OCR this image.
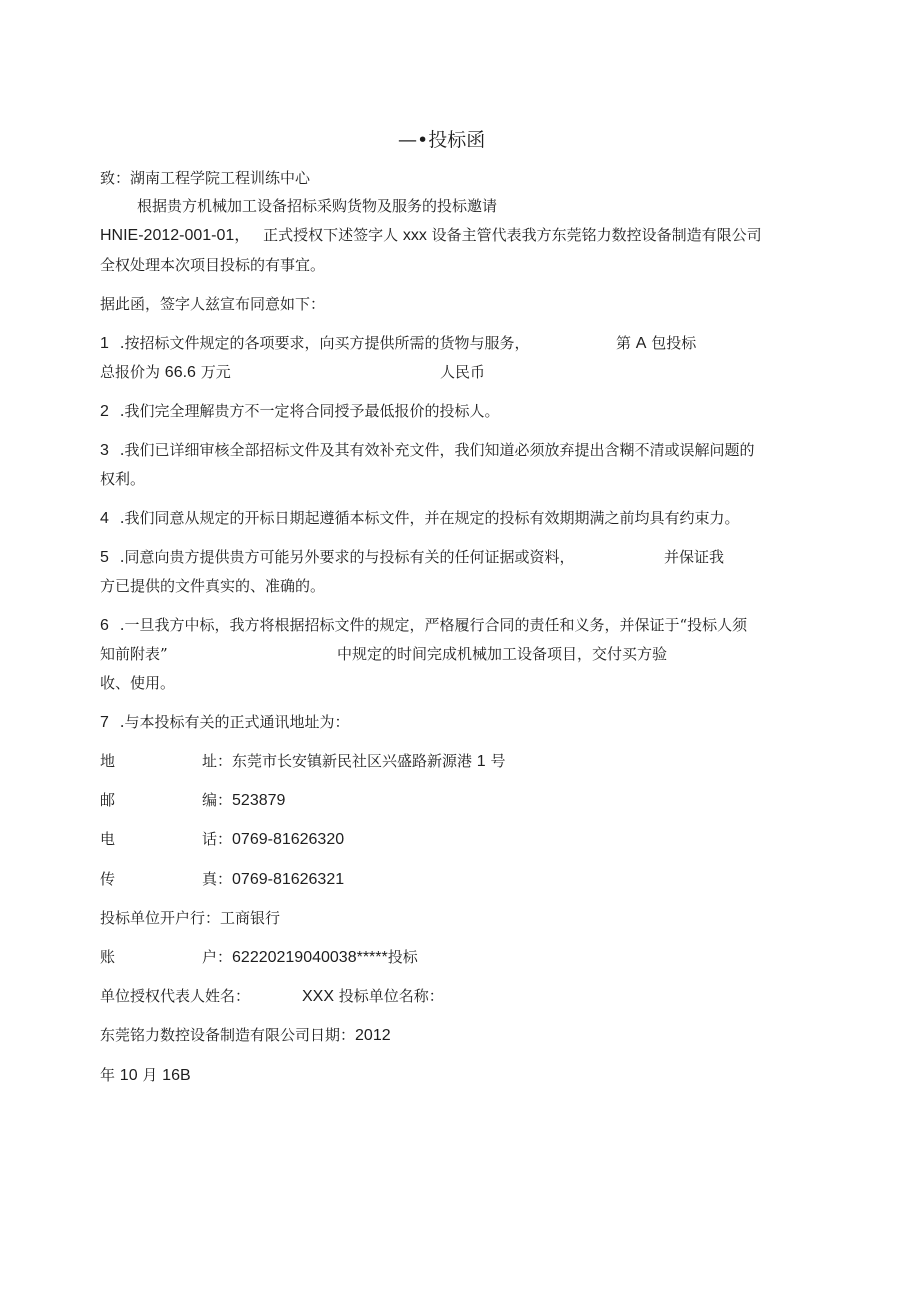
—•投标函
致：湖南工程学院工程训练中心
根据贵方机械加工设备招标采购货物及服务的投标邀请
HNIE-2012-001-01， 正式授权下述签字人 xxx 设备主管代表我方东莞铭力数控设备制造有限公司
全权处理本次项目投标的有事宜。
据此函，签字人兹宣布同意如下：
1 .按招标文件规定的各项要求，向买方提供所需的货物与服务，	第 A 包投标
总报价为 66.6 万元	人民币
2 .我们完全理解贵方不一定将合同授予最低报价的投标人。
3 .我们已详细审核全部招标文件及其有效补充文件，我们知道必须放弃提出含糊不清或误解问题的
权利。
4 .我们同意从规定的开标日期起遵循本标文件，并在规定的投标有效期期满之前均具有约束力。
5 .同意向贵方提供贵方可能另外要求的与投标有关的任何证据或资料，	并保证我
方已提供的文件真实的、准确的。
6 .一旦我方中标，我方将根据招标文件的规定，严格履行合同的责任和义务，并保证于“投标人须
知前附表”	中规定的时间完成机械加工设备项目，交付买方验
收、使用。
7 .与本投标有关的正式通讯地址为：
地	址：东莞市长安镇新民社区兴盛路新源港 1 号
邮	编：523879
电	话：0769-81626320
传	真：0769-81626321
投标单位开户行：工商银行
账	户：62220219040038*****投标
单位授权代表人姓名：	XXX 投标单位名称：
东莞铭力数控设备制造有限公司日期：2012
年 10 月 16B
